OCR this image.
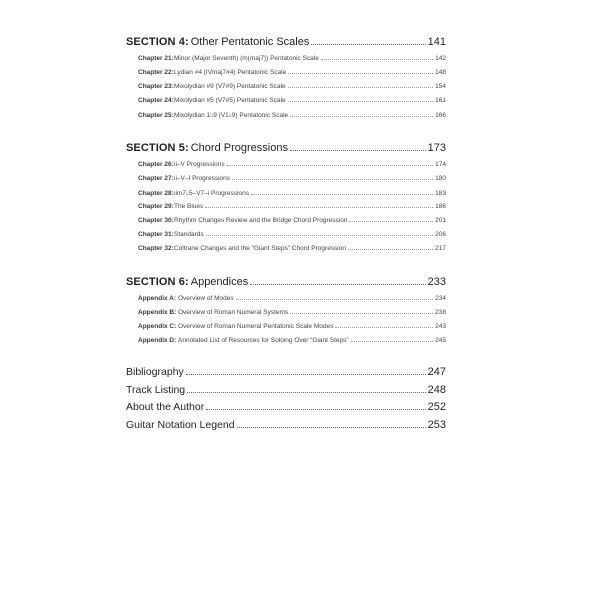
SECTION 4: Other Pentatonic Scales	141
Chapter 21: Minor (Major Seventh) (m(maj7)) Pentatonic Scale	142
Chapter 22: Lydian #4 (IVmaj7#4) Pentatonic Scale	148
Chapter 23: Mixolydian #9 (V7#9) Pentatonic Scale	154
Chapter 24: Mixolydian #5 (V7#5) Pentatonic Scale	161
Chapter 25: Mixolydian 1♭9 (V1♭9) Pentatonic Scale	166
SECTION 5: Chord Progressions	173
Chapter 26: ii–V Progressions	174
Chapter 27: ii–V–I Progressions	180
Chapter 28: iim7♭5–V7–i Progressions	183
Chapter 29: The Blues	186
Chapter 30: Rhythm Changes Review and the Bridge Chord Progression	201
Chapter 31: Standards	206
Chapter 32: Coltrane Changes and the “Giant Steps” Chord Progression	217
SECTION 6: Appendices	233
Appendix A: Overview of Modes	234
Appendix B: Overview of Roman Numeral Systems	238
Appendix C: Overview of Roman Numeral Pentatonic Scale Modes	243
Appendix D: Annotated List of Resources for Soloing Over “Giant Steps”	245
Bibliography	247
Track Listing	248
About the Author	252
Guitar Notation Legend	253
